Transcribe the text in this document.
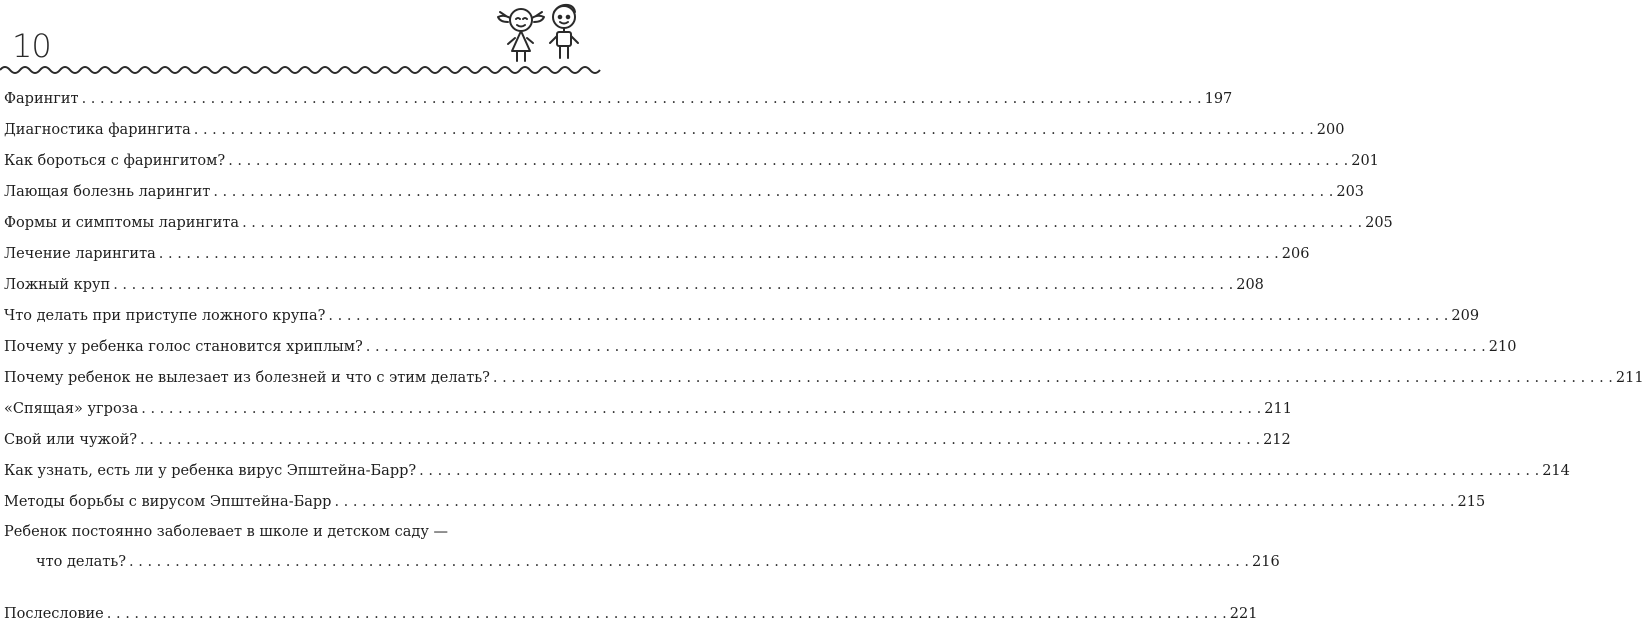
10
Фарингит . . .	197
Диагностика фарингита . . .	200
Как бороться с фарингитом? . . .	201
Лающая болезнь ларингит . . .	203
Формы и симптомы ларингита . . .	205
Лечение ларингита . . .	206
Ложный круп . . .	208
Что делать при приступе ложного крупа? . . .	209
Почему у ребенка голос становится хриплым? . . .	210
Почему ребенок не вылезает из болезней и что с этим делать? . . .	211
«Спящая» угроза . . .	211
Свой или чужой? . . .	212
Как узнать, есть ли у ребенка вирус Эпштейна-Барр? . . .	214
Методы борьбы с вирусом Эпштейна-Барр . . .	215
Ребенок постоянно заболевает в школе и детском саду —
что делать? . . .	216
Послесловие . . .	221
